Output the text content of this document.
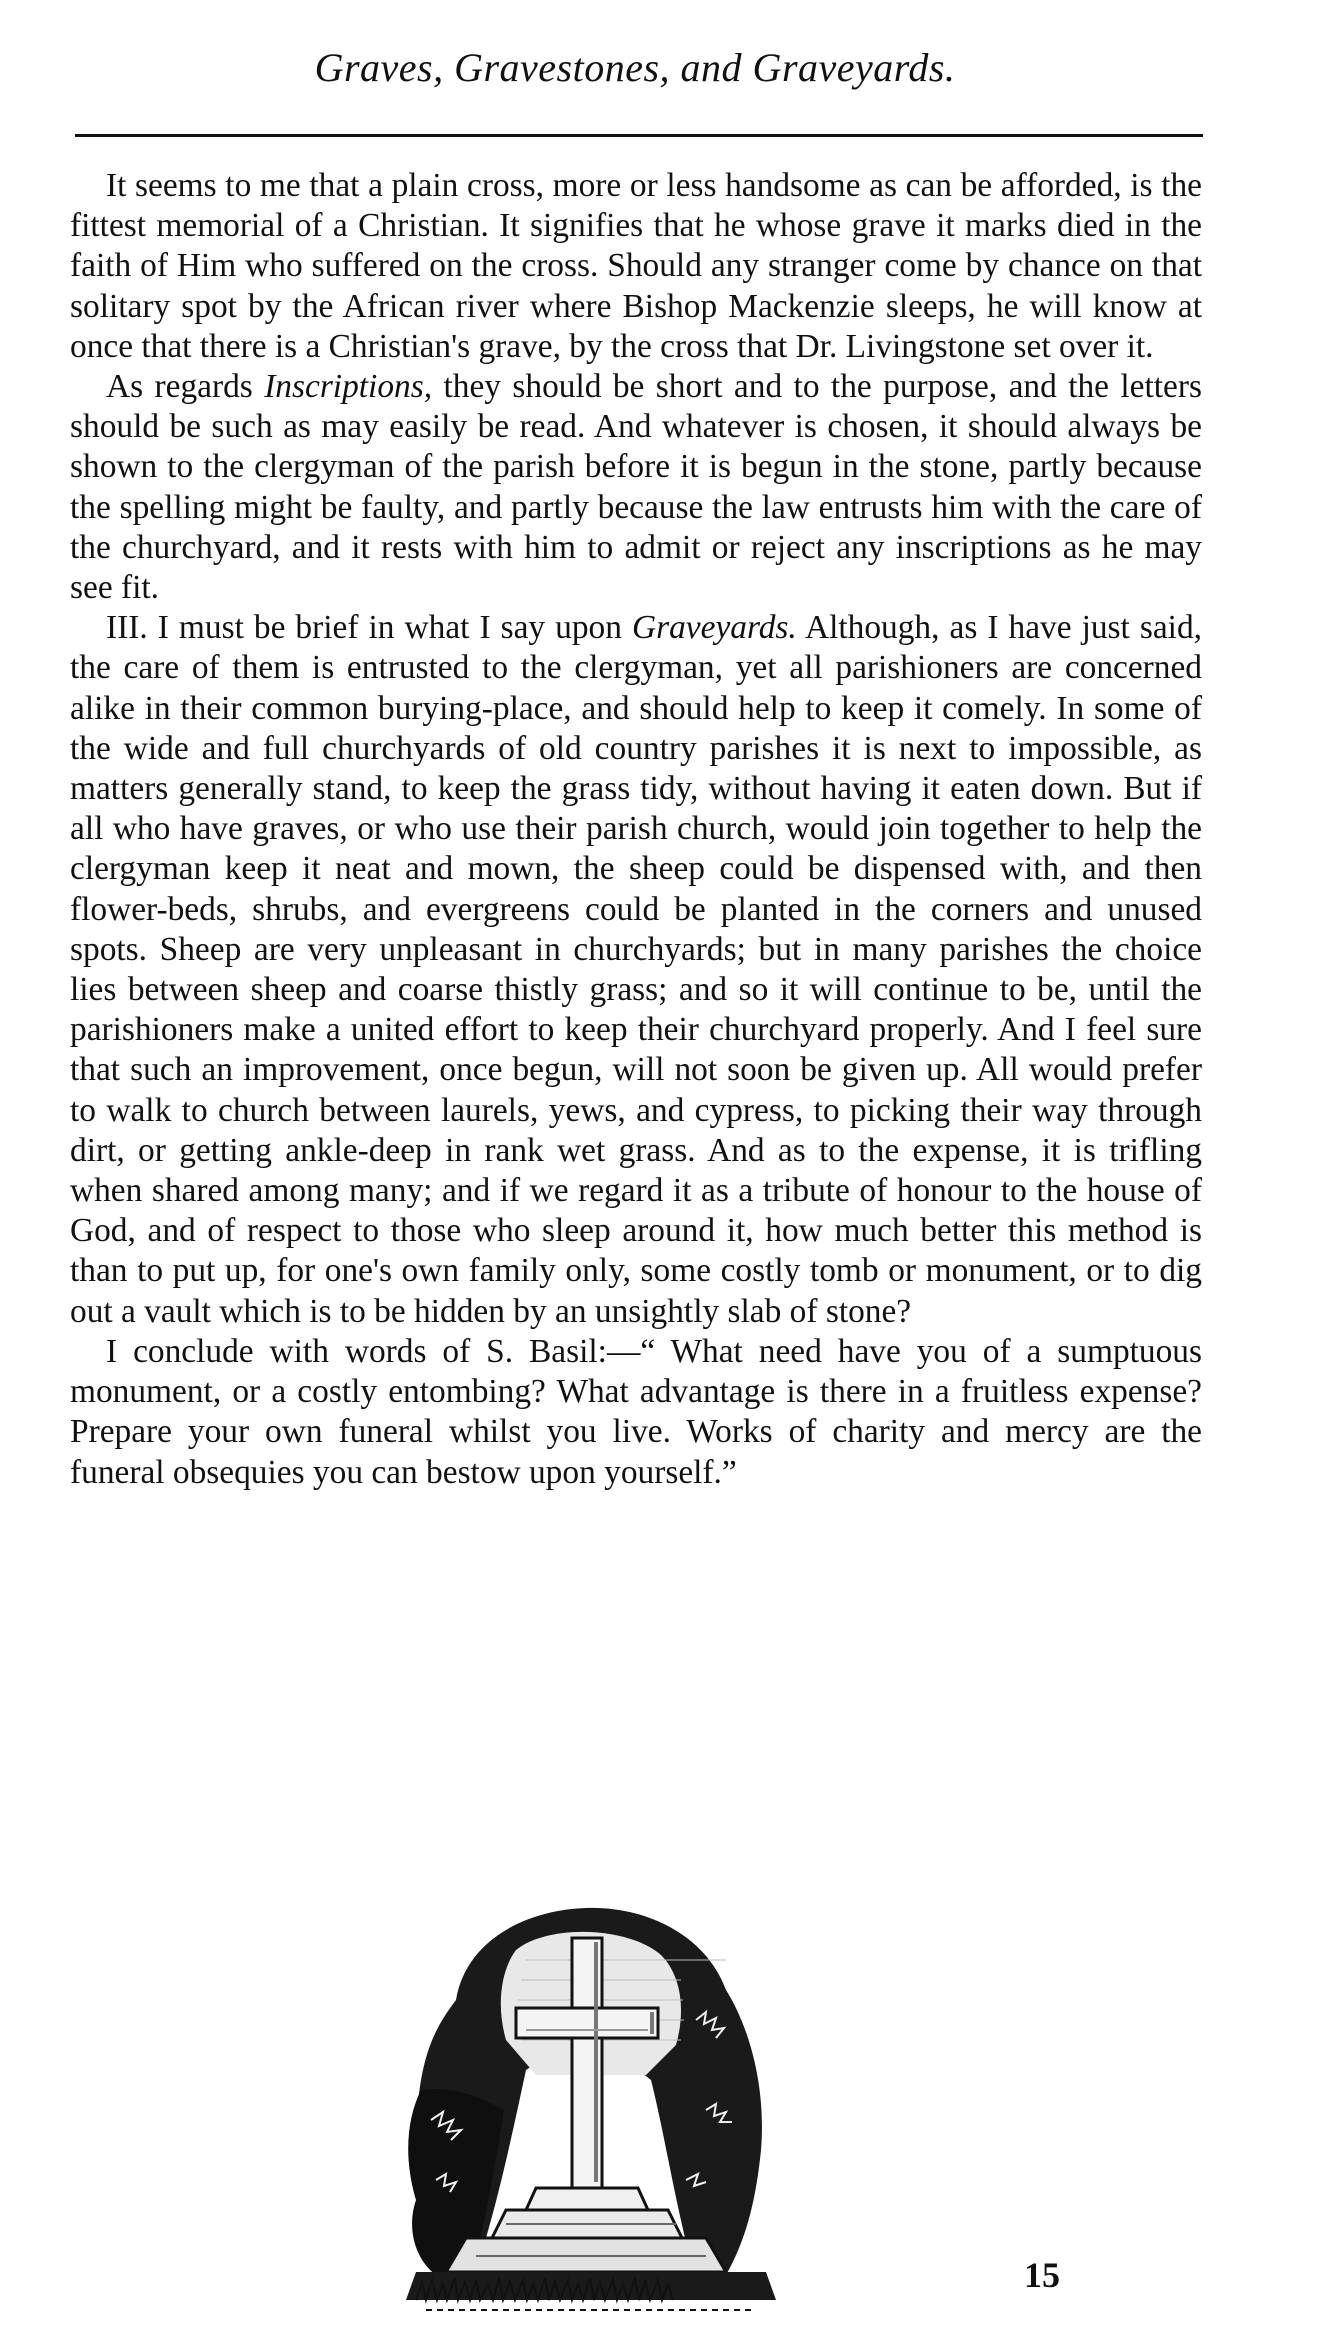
Graves, Gravestones, and Graveyards.

It seems to me that a plain cross, more or less handsome as can be afforded, is the fittest memorial of a Christian. It signifies that he whose grave it marks died in the faith of Him who suffered on the cross. Should any stranger come by chance on that solitary spot by the African river where Bishop Mackenzie sleeps, he will know at once that there is a Christian's grave, by the cross that Dr. Livingstone set over it.

As regards Inscriptions, they should be short and to the purpose, and the letters should be such as may easily be read. And whatever is chosen, it should always be shown to the clergyman of the parish before it is begun in the stone, partly because the spelling might be faulty, and partly because the law entrusts him with the care of the churchyard, and it rests with him to admit or reject any inscriptions as he may see fit.

III. I must be brief in what I say upon Graveyards. Although, as I have just said, the care of them is entrusted to the clergyman, yet all parishioners are concerned alike in their common burying-place, and should help to keep it comely. In some of the wide and full churchyards of old country parishes it is next to impossible, as matters generally stand, to keep the grass tidy, without having it eaten down. But if all who have graves, or who use their parish church, would join together to help the clergyman keep it neat and mown, the sheep could be dispensed with, and then flower-beds, shrubs, and evergreens could be planted in the corners and unused spots. Sheep are very unpleasant in churchyards; but in many parishes the choice lies between sheep and coarse thistly grass; and so it will continue to be, until the parishioners make a united effort to keep their churchyard properly. And I feel sure that such an improvement, once begun, will not soon be given up. All would prefer to walk to church between laurels, yews, and cypress, to picking their way through dirt, or getting ankle-deep in rank wet grass. And as to the expense, it is trifling when shared among many; and if we regard it as a tribute of honour to the house of God, and of respect to those who sleep around it, how much better this method is than to put up, for one's own family only, some costly tomb or monument, or to dig out a vault which is to be hidden by an unsightly slab of stone?

I conclude with words of S. Basil:—“ What need have you of a sumptuous monument, or a costly entombing? What advantage is there in a fruitless expense? Prepare your own funeral whilst you live. Works of charity and mercy are the funeral obsequies you can bestow upon yourself.”

15
